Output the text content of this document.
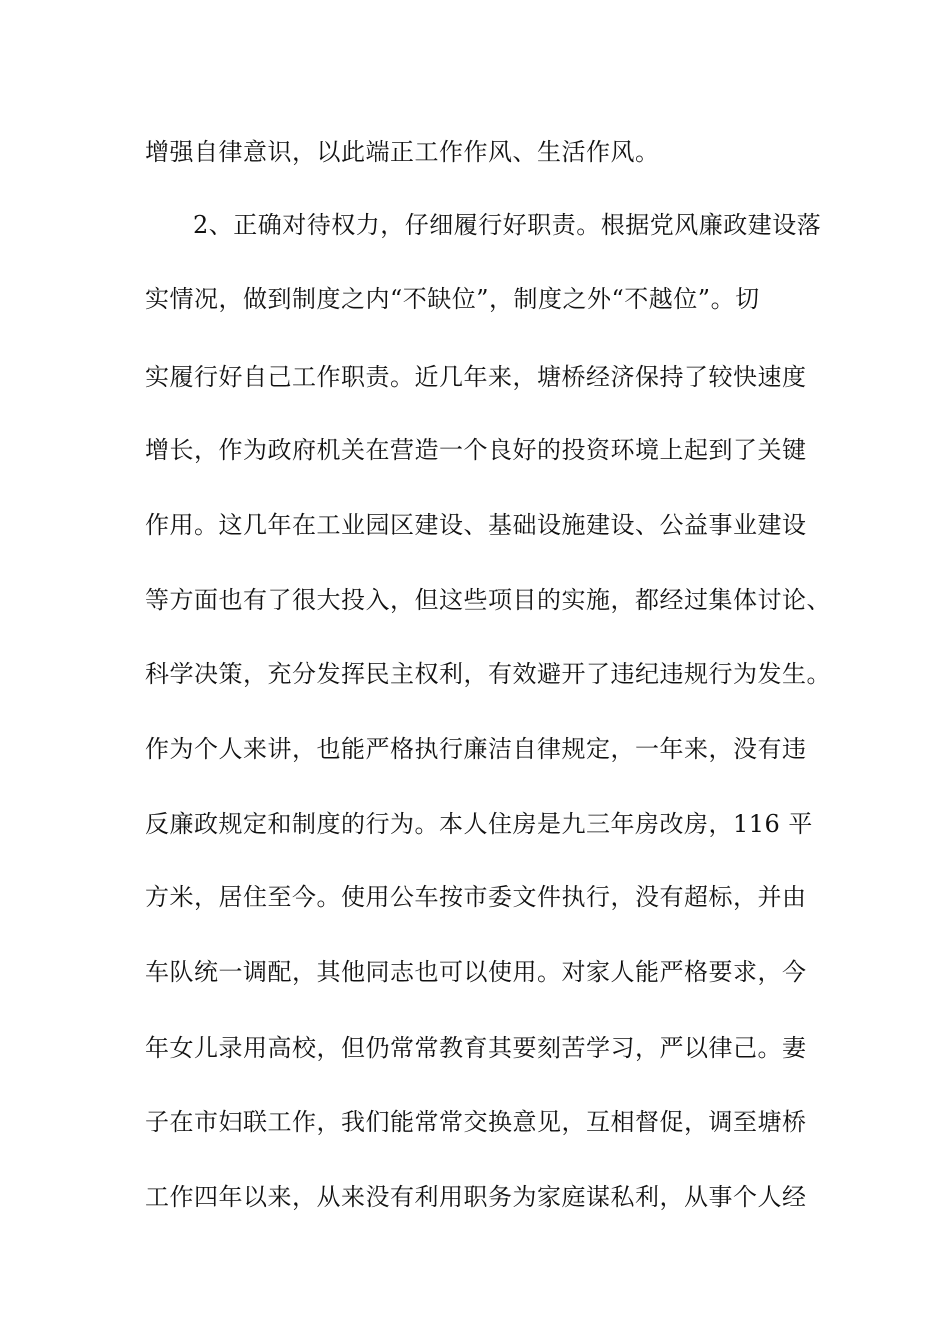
增强自律意识，以此端正工作作风、生活作风。
2、正确对待权力，仔细履行好职责。根据党风廉政建设落
实情况，做到制度之内“不缺位”，制度之外“不越位”。切
实履行好自己工作职责。近几年来，塘桥经济保持了较快速度
增长，作为政府机关在营造一个良好的投资环境上起到了关键
作用。这几年在工业园区建设、基础设施建设、公益事业建设
等方面也有了很大投入，但这些项目的实施，都经过集体讨论、
科学决策，充分发挥民主权利，有效避开了违纪违规行为发生。
作为个人来讲，也能严格执行廉洁自律规定，一年来，没有违
反廉政规定和制度的行为。本人住房是九三年房改房，116 平
方米，居住至今。使用公车按市委文件执行，没有超标，并由
车队统一调配，其他同志也可以使用。对家人能严格要求，今
年女儿录用高校，但仍常常教育其要刻苦学习，严以律己。妻
子在市妇联工作，我们能常常交换意见，互相督促，调至塘桥
工作四年以来，从来没有利用职务为家庭谋私利，从事个人经
